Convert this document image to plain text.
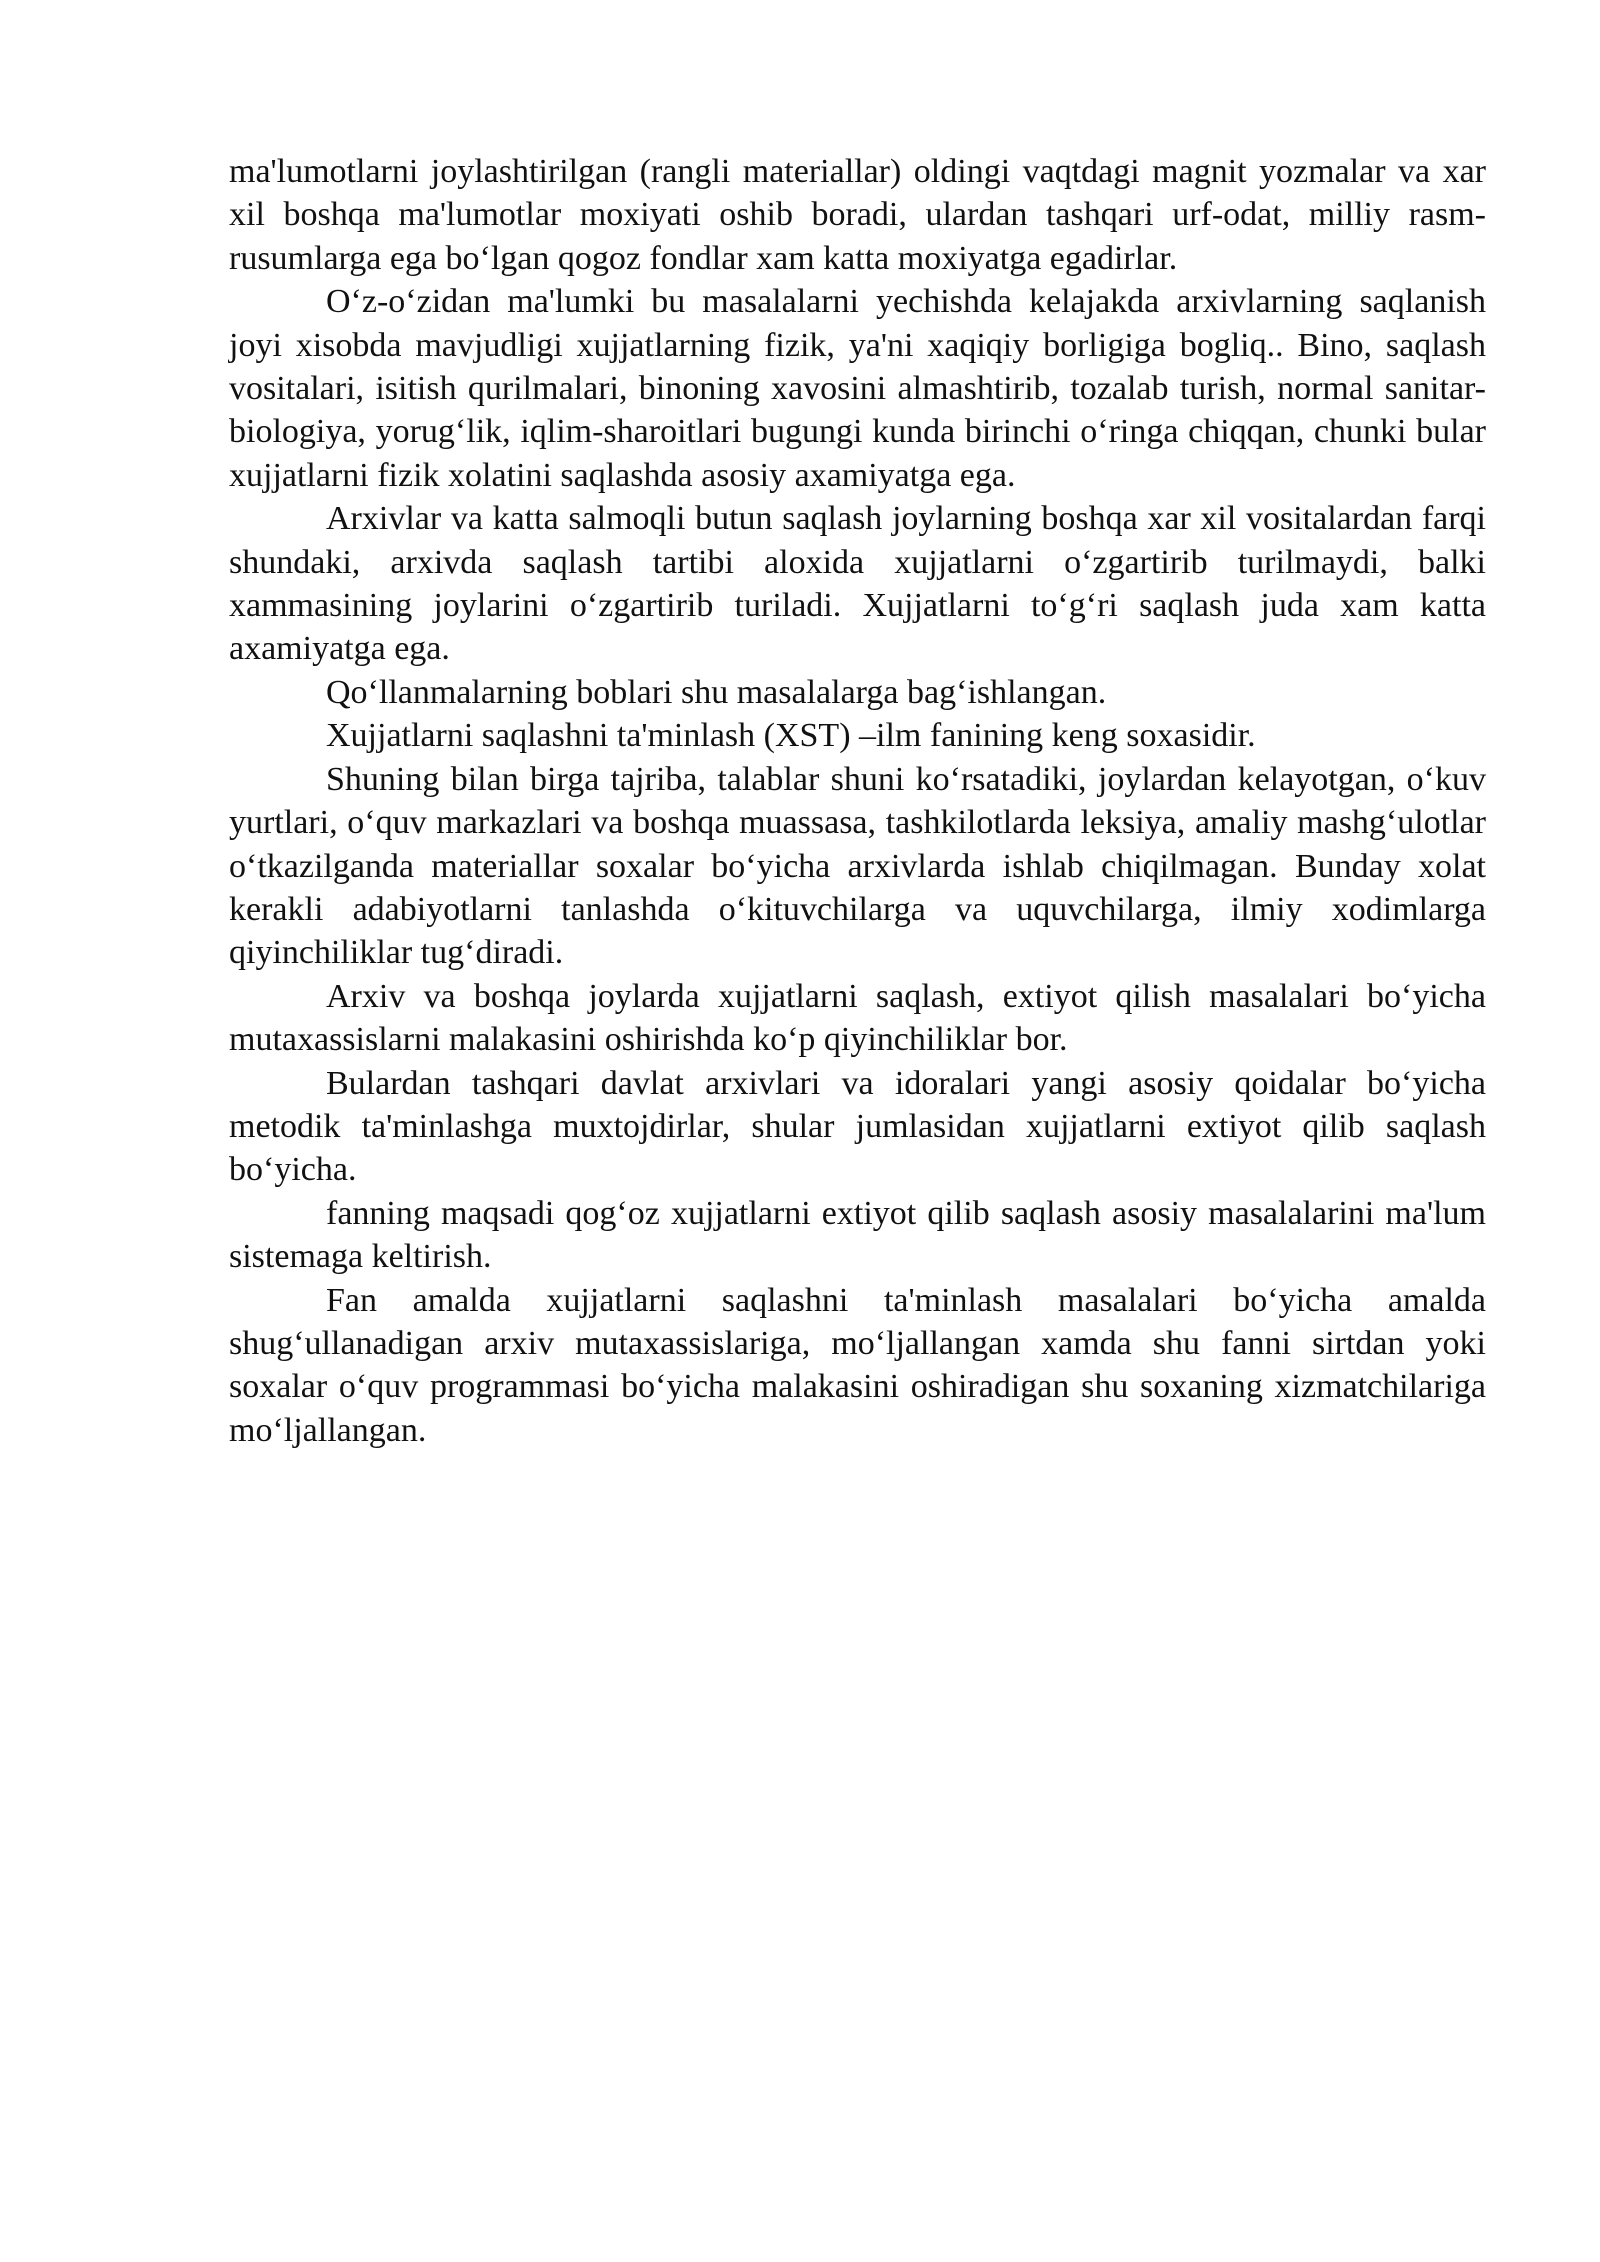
ma'lumotlarni joylashtirilgan (rangli materiallar) oldingi vaqtdagi magnit yozmalar va xar xil boshqa ma'lumotlar moxiyati oshib boradi, ulardan tashqari urf-odat, milliy rasm-rusumlarga ega bo‘lgan qogoz fondlar xam katta moxiyatga egadirlar.

O‘z-o‘zidan ma'lumki bu masalalarni yechishda kelajakda arxivlarning saqlanish joyi xisobda mavjudligi xujjatlarning fizik, ya'ni xaqiqiy borligiga bogliq.. Bino, saqlash vositalari, isitish qurilmalari, binoning xavosini almashtirib, tozalab turish, normal sanitar-biologiya, yorug‘lik, iqlim-sharoitlari bugungi kunda birinchi o‘ringa chiqqan, chunki bular xujjatlarni fizik xolatini saqlashda asosiy axamiyatga ega.

Arxivlar va katta salmoqli butun saqlash joylarning boshqa xar xil vositalardan farqi shundaki, arxivda saqlash tartibi aloxida xujjatlarni o‘zgartirib turilmaydi, balki xammasining joylarini o‘zgartirib turiladi. Xujjatlarni to‘g‘ri saqlash juda xam katta axamiyatga ega.

Qo‘llanmalarning boblari shu masalalarga bag‘ishlangan.

Xujjatlarni saqlashni ta'minlash (XST) –ilm fanining keng soxasidir.

Shuning bilan birga tajriba, talablar shuni ko‘rsatadiki, joylardan kelayotgan, o‘kuv yurtlari, o‘quv markazlari va boshqa muassasa, tashkilotlarda leksiya, amaliy mashg‘ulotlar o‘tkazilganda materiallar soxalar bo‘yicha arxivlarda ishlab chiqilmagan. Bunday xolat kerakli adabiyotlarni tanlashda o‘kituvchilarga va uquvchilarga, ilmiy xodimlarga qiyinchiliklar tug‘diradi.

Arxiv va boshqa joylarda xujjatlarni saqlash, extiyot qilish masalalari bo‘yicha mutaxassislarni malakasini oshirishda ko‘p qiyinchiliklar bor.

Bulardan tashqari davlat arxivlari va idoralari yangi asosiy qoidalar bo‘yicha metodik ta'minlashga muxtojdirlar, shular jumlasidan xujjatlarni extiyot qilib saqlash bo‘yicha.

fanning maqsadi qog‘oz xujjatlarni extiyot qilib saqlash asosiy masalalarini ma'lum sistemaga keltirish.

Fan amalda xujjatlarni saqlashni ta'minlash masalalari bo‘yicha amalda shug‘ullanadigan arxiv mutaxassislariga, mo‘ljallangan xamda shu fanni sirtdan yoki soxalar o‘quv programmasi bo‘yicha malakasini oshiradigan shu soxaning xizmatchilariga mo‘ljallangan.
